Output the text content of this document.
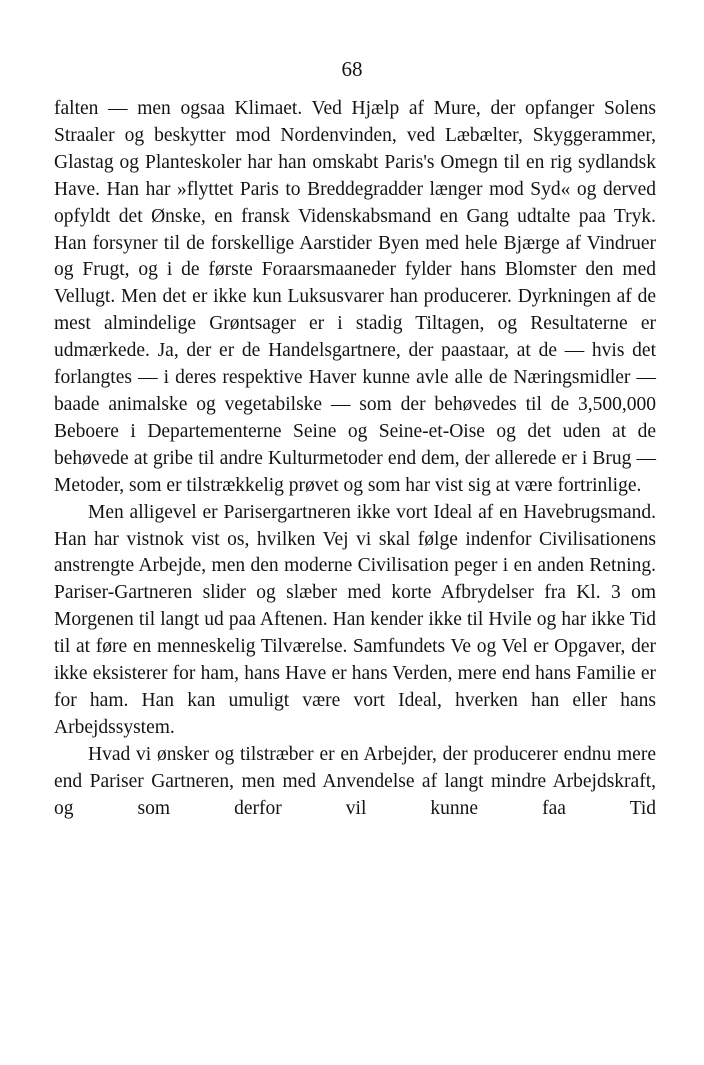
68

falten — men ogsaa Klimaet. Ved Hjælp af Mure, der opfanger Solens Straaler og beskytter mod Nordenvinden, ved Læbælter, Skyggerammer, Glastag og Planteskoler har han omskabt Paris's Omegn til en rig sydlandsk Have. Han har »flyttet Paris to Breddegradder længer mod Syd« og derved opfyldt det Ønske, en fransk Videnskabsmand en Gang udtalte paa Tryk. Han forsyner til de forskellige Aarstider Byen med hele Bjærge af Vindruer og Frugt, og i de første Foraarsmaaneder fylder hans Blomster den med Vellugt. Men det er ikke kun Luksusvarer han producerer. Dyrkningen af de mest almindelige Grøntsager er i stadig Tiltagen, og Resultaterne er udmærkede. Ja, der er de Handelsgartnere, der paastaar, at de — hvis det forlangtes — i deres respektive Haver kunne avle alle de Næringsmidler — baade animalske og vegetabilske — som der behøvedes til de 3,500,000 Beboere i Departementerne Seine og Seine-et-Oise og det uden at de behøvede at gribe til andre Kulturmetoder end dem, der allerede er i Brug — Metoder, som er tilstrækkelig prøvet og som har vist sig at være fortrinlige.

Men alligevel er Parisergartneren ikke vort Ideal af en Havebrugsmand. Han har vistnok vist os, hvilken Vej vi skal følge indenfor Civilisationens anstrengte Arbejde, men den moderne Civilisation peger i en anden Retning. Pariser-Gartneren slider og slæber med korte Afbrydelser fra Kl. 3 om Morgenen til langt ud paa Aftenen. Han kender ikke til Hvile og har ikke Tid til at føre en menneskelig Tilværelse. Samfundets Ve og Vel er Opgaver, der ikke eksisterer for ham, hans Have er hans Verden, mere end hans Familie er for ham. Han kan umuligt være vort Ideal, hverken han eller hans Arbejdssystem.

Hvad vi ønsker og tilstræber er en Arbejder, der producerer endnu mere end Pariser Gartneren, men med Anvendelse af langt mindre Arbejdskraft, og som derfor vil kunne faa Tid
